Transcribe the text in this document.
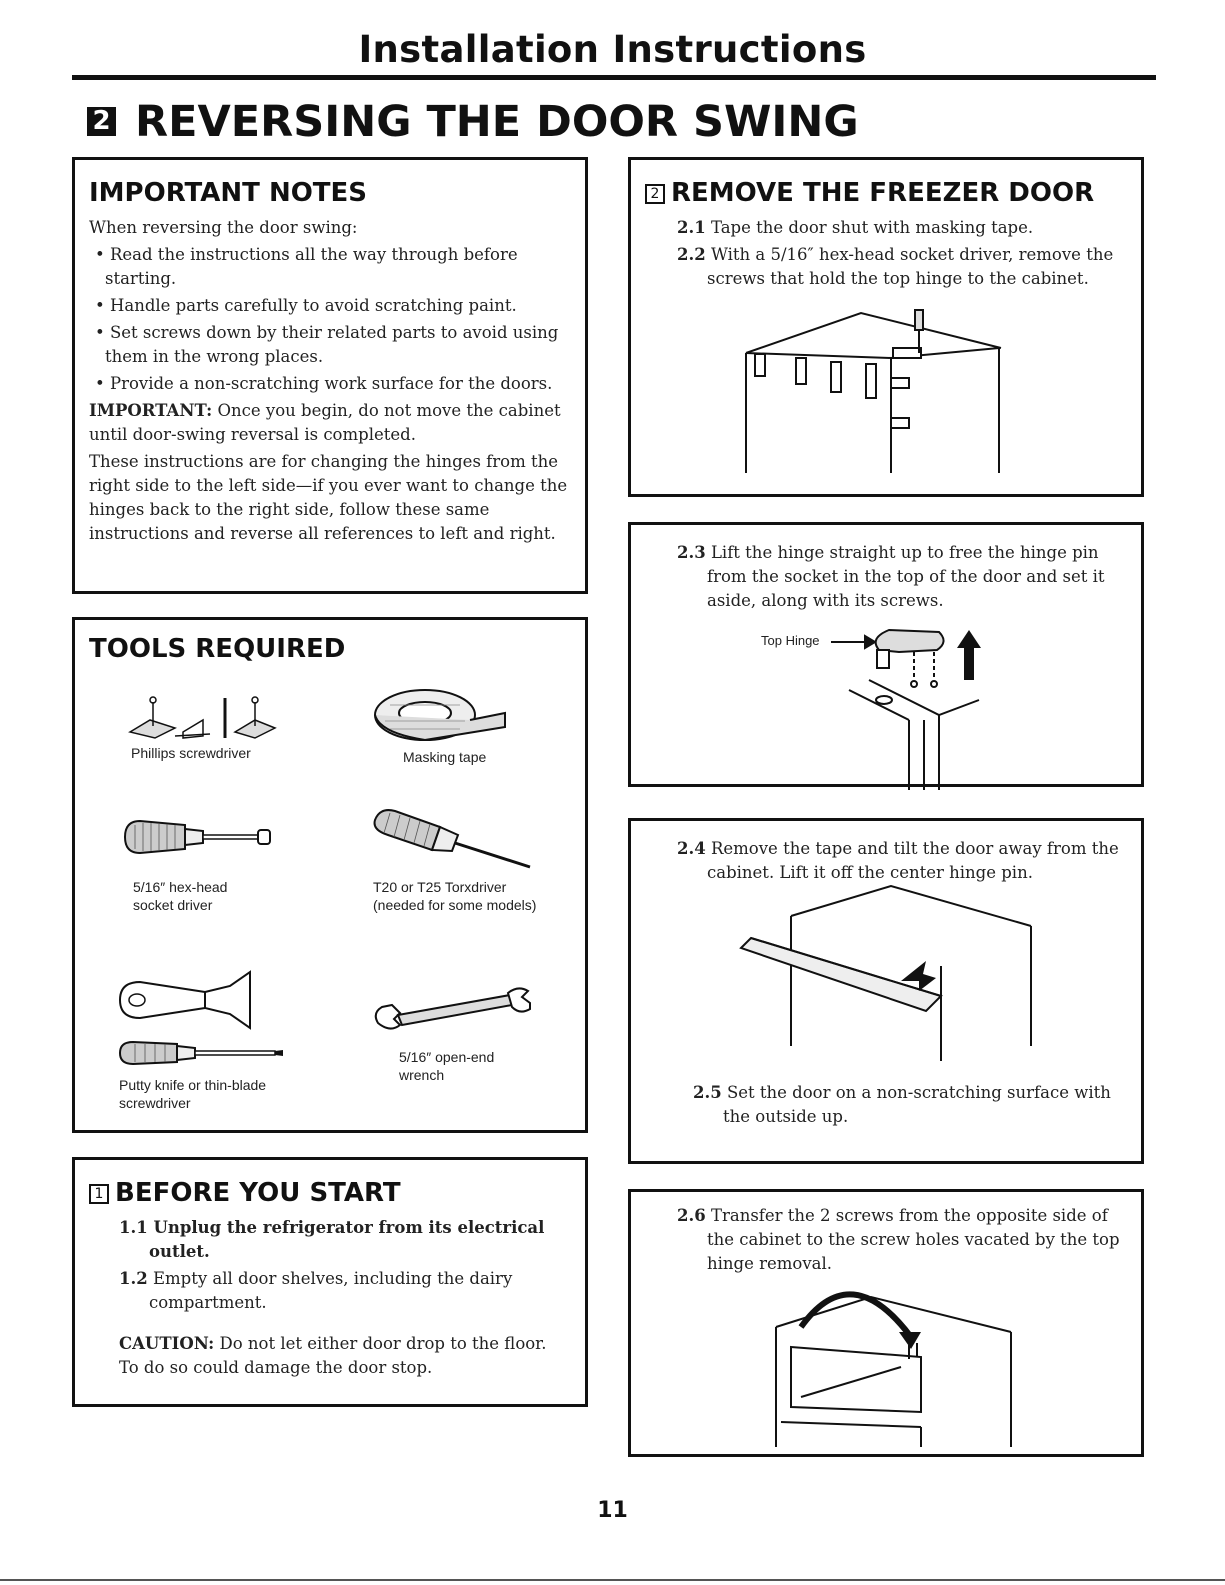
Installation Instructions
2 REVERSING THE DOOR SWING
IMPORTANT NOTES

When reversing the door swing:

• Read the instructions all the way through before starting.

• Handle parts carefully to avoid scratching paint.

• Set screws down by their related parts to avoid using them in the wrong places.

• Provide a non-scratching work surface for the doors.

IMPORTANT: Once you begin, do not move the cabinet until door-swing reversal is completed.

These instructions are for changing the hinges from the right side to the left side—if you ever want to change the hinges back to the right side, follow these same instructions and reverse all references to left and right.

TOOLS REQUIRED
Phillips screwdriver	Masking tape
5/16″ hex-head
socket driver
T20 or T25 Torxdriver
(needed for some models)
Putty knife or thin-blade
screwdriver
5/16″ open-end
wrench
1 BEFORE YOU START

1.1 Unplug the refrigerator from its electrical outlet.

1.2 Empty all door shelves, including the dairy compartment.

CAUTION: Do not let either door drop to the floor. To do so could damage the door stop.
2 REMOVE THE FREEZER DOOR

2.1 Tape the door shut with masking tape.

2.2 With a 5/16″ hex-head socket driver, remove the screws that hold the top hinge to the cabinet.

2.3 Lift the hinge straight up to free the hinge pin from the socket in the top of the door and set it aside, along with its screws.

Top Hinge

2.4 Remove the tape and tilt the door away from the cabinet. Lift it off the center hinge pin.

2.5 Set the door on a non-scratching surface with the outside up.

2.6 Transfer the 2 screws from the opposite side of the cabinet to the screw holes vacated by the top hinge removal.

11
